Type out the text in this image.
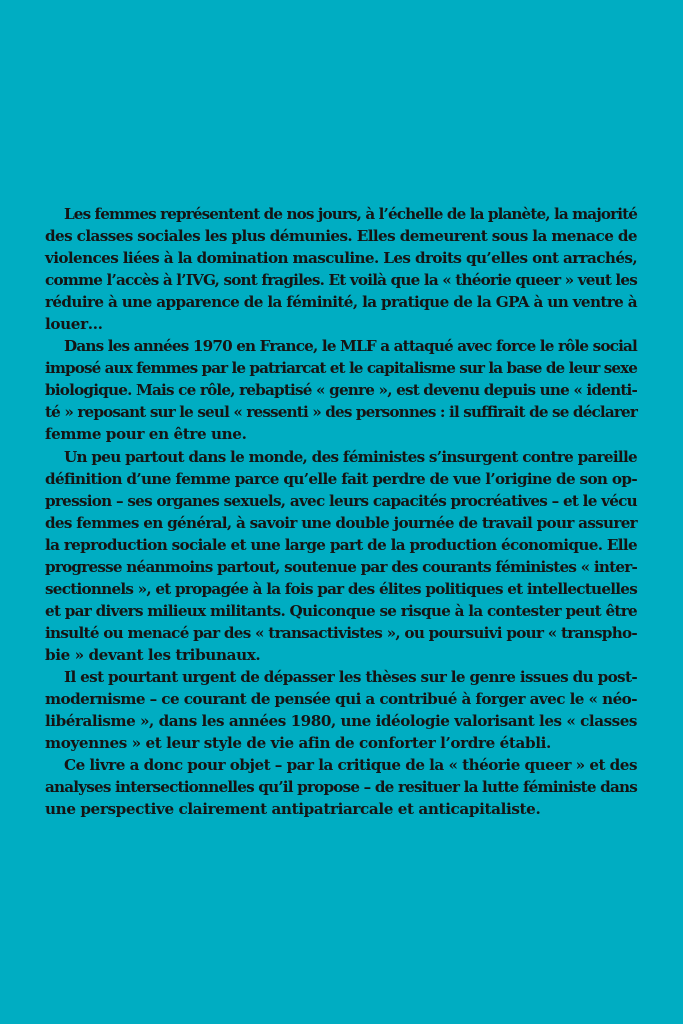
Les femmes représentent de nos jours, à l’échelle de la planète, la majorité
des classes sociales les plus démunies. Elles demeurent sous la menace de
violences liées à la domination masculine. Les droits qu’elles ont arrachés,
comme l’accès à l’IVG, sont fragiles. Et voilà que la « théorie queer » veut les
réduire à une apparence de la féminité, la pratique de la GPA à un ventre à
louer…
Dans les années 1970 en France, le MLF a attaqué avec force le rôle social
imposé aux femmes par le patriarcat et le capitalisme sur la base de leur sexe
biologique. Mais ce rôle, rebaptisé « genre », est devenu depuis une « identi-
té » reposant sur le seul « ressenti » des personnes : il suffirait de se déclarer
femme pour en être une.
Un peu partout dans le monde, des féministes s’insurgent contre pareille
définition d’une femme parce qu’elle fait perdre de vue l’origine de son op-
pression – ses organes sexuels, avec leurs capacités procréatives – et le vécu
des femmes en général, à savoir une double journée de travail pour assurer
la reproduction sociale et une large part de la production économique. Elle
progresse néanmoins partout, soutenue par des courants féministes « inter-
sectionnels », et propagée à la fois par des élites politiques et intellectuelles
et par divers milieux militants. Quiconque se risque à la contester peut être
insulté ou menacé par des « transactivistes », ou poursuivi pour « transpho-
bie » devant les tribunaux.
Il est pourtant urgent de dépasser les thèses sur le genre issues du post-
modernisme – ce courant de pensée qui a contribué à forger avec le « néo-
libéralisme », dans les années 1980, une idéologie valorisant les « classes
moyennes » et leur style de vie afin de conforter l’ordre établi.
Ce livre a donc pour objet – par la critique de la « théorie queer » et des
analyses intersectionnelles qu’il propose – de resituer la lutte féministe dans
une perspective clairement antipatriarcale et anticapitaliste.
